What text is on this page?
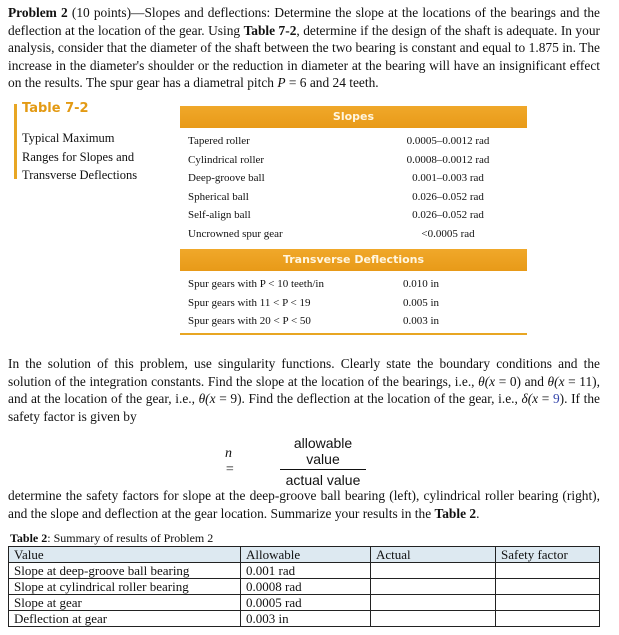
Problem 2 (10 points)—Slopes and deflections: Determine the slope at the locations of the bearings and the deflection at the location of the gear. Using Table 7-2, determine if the design of the shaft is adequate. In your analysis, consider that the diameter of the shaft between the two bearing is constant and equal to 1.875 in. The increase in the diameter's shoulder or the reduction in diameter at the bearing will have an insignificant effect on the results. The spur gear has a diametral pitch P = 6 and 24 teeth.
Table 7-2
Typical Maximum Ranges for Slopes and Transverse Deflections
Slopes
Tapered roller	0.0005–0.0012 rad
Cylindrical roller	0.0008–0.0012 rad
Deep-groove ball	0.001–0.003 rad
Spherical ball	0.026–0.052 rad
Self-align ball	0.026–0.052 rad
Uncrowned spur gear	<0.0005 rad
Transverse Deflections
Spur gears with P < 10 teeth/in	0.010 in
Spur gears with 11 < P < 19	0.005 in
Spur gears with 20 < P < 50	0.003 in
In the solution of this problem, use singularity functions. Clearly state the boundary conditions and the solution of the integration constants. Find the slope at the location of the bearings, i.e., θ(x = 0) and θ(x = 11), and at the location of the gear, i.e., θ(x = 9). Find the deflection at the location of the gear, i.e., δ(x = 9). If the safety factor is given by
n =
allowable value
actual value
determine the safety factors for slope at the deep-groove ball bearing (left), cylindrical roller bearing (right), and the slope and deflection at the gear location. Summarize your results in the Table 2.
Table 2: Summary of results of Problem 2
Value	Allowable	Actual	Safety factor
Slope at deep-groove ball bearing	0.001 rad		
Slope at cylindrical roller bearing	0.0008 rad		
Slope at gear	0.0005 rad		
Deflection at gear	0.003 in		
